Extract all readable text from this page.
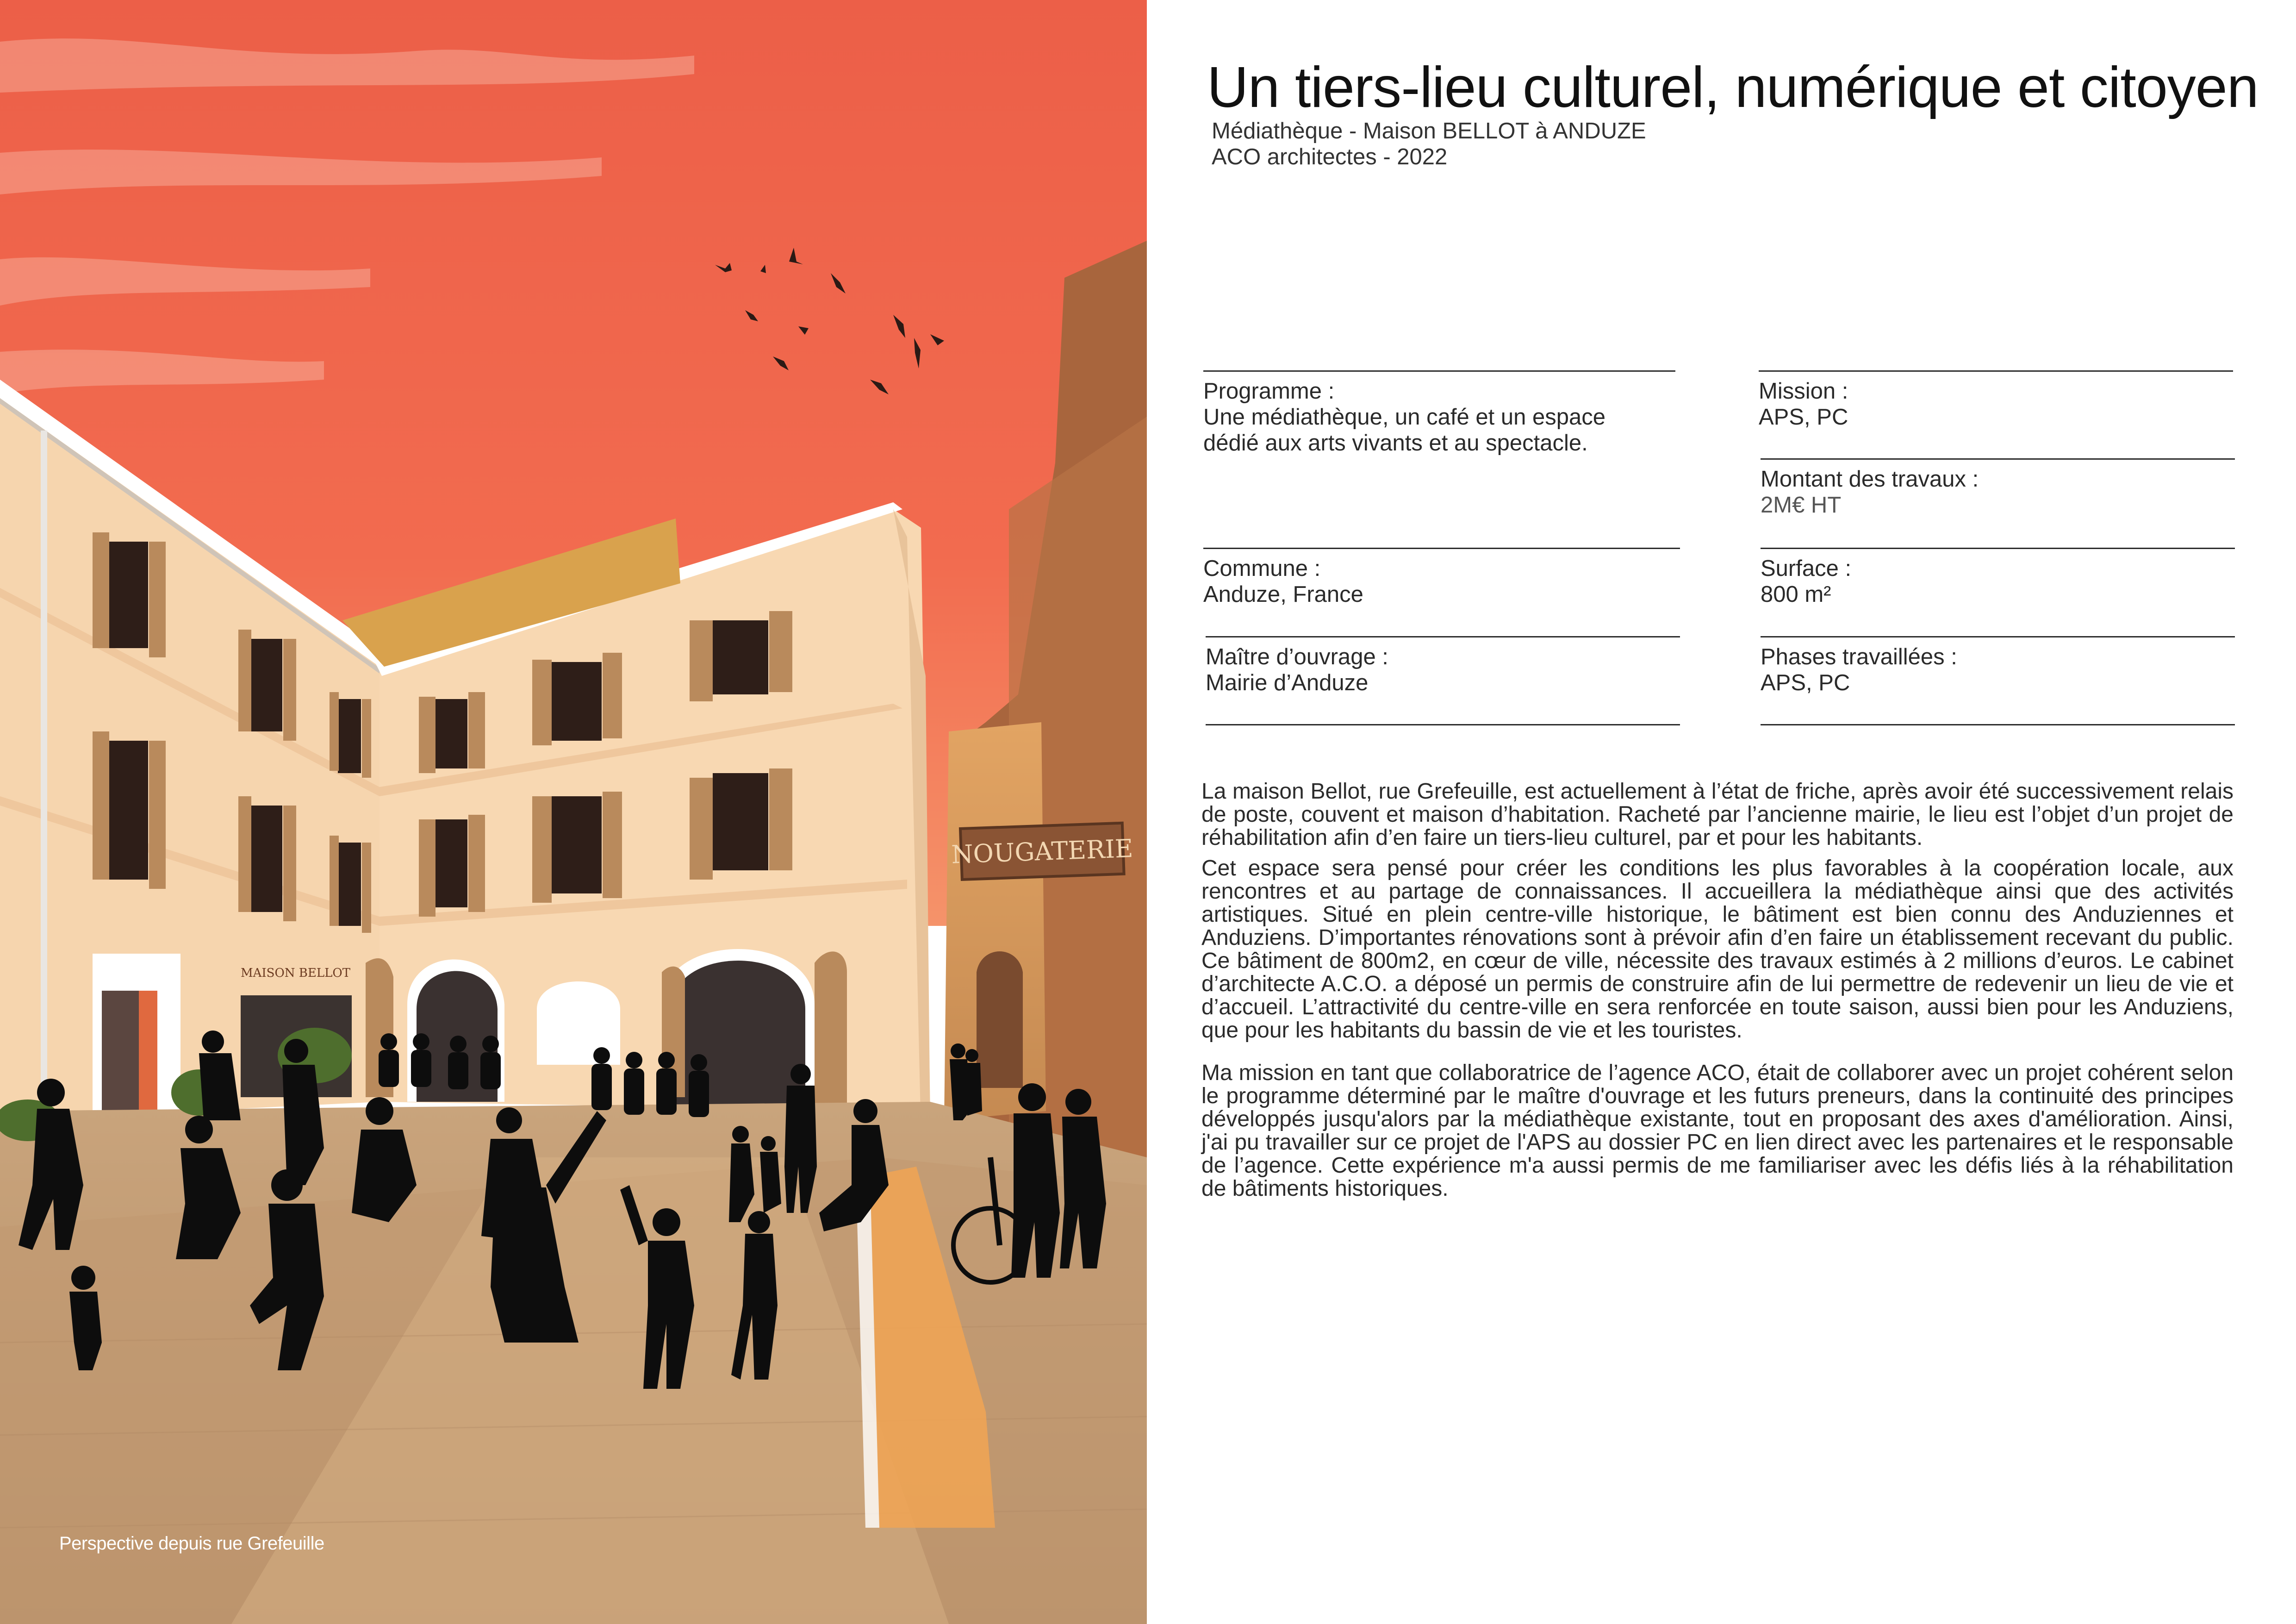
NOUGATERIE
MAISON BELLOT
Perspective depuis rue Grefeuille
Un tiers-lieu culturel, numérique et citoyen
Médiathèque - Maison BELLOT à ANDUZE
ACO architectes - 2022
Programme :
Une médiathèque, un café et un espace
dédié aux arts vivants et au spectacle.
Commune :
Anduze, France
Maître d’ouvrage :
Mairie d’Anduze
Mission :
APS, PC
Montant des travaux :
2M€ HT
Surface :
800 m²
Phases travaillées :
APS, PC

La maison Bellot, rue Grefeuille, est actuellement à l’état de friche, après avoir été successivement relais de poste, couvent et maison d’habitation. Racheté par l’ancienne mairie, le lieu est l’objet d’un projet de réhabilitation afin d’en faire un tiers-lieu culturel, par et pour les habitants.

Cet espace sera pensé pour créer les conditions les plus favorables à la coopération locale, aux rencontres et au partage de connaissances. Il accueillera la médiathèque ainsi que des activités artistiques. Situé en plein centre-ville historique, le bâtiment est bien connu des Anduziennes et Anduziens. D’importantes rénovations sont à prévoir afin d’en faire un établissement recevant du public. Ce bâtiment de 800m2, en cœur de ville, nécessite des travaux estimés à 2 millions d’euros. Le cabinet d’architecte A.C.O. a déposé un permis de construire afin de lui permettre de redevenir un lieu de vie et d’accueil. L’attractivité du centre-ville en sera renforcée en toute saison, aussi bien pour les Anduziens, que pour les habitants du bassin de vie et les touristes.

Ma mission en tant que collaboratrice de l’agence ACO, était de collaborer avec un projet cohérent selon le programme déterminé par le maître d'ouvrage et les futurs preneurs, dans la continuité des principes développés jusqu'alors par la médiathèque existante, tout en proposant des axes d'amélioration. Ainsi, j'ai pu travailler sur ce projet de l'APS au dossier PC en lien direct avec les partenaires et le responsable de l’agence. Cette expérience m'a aussi permis de me familiariser avec les défis liés à la réhabilitation de bâtiments historiques.
